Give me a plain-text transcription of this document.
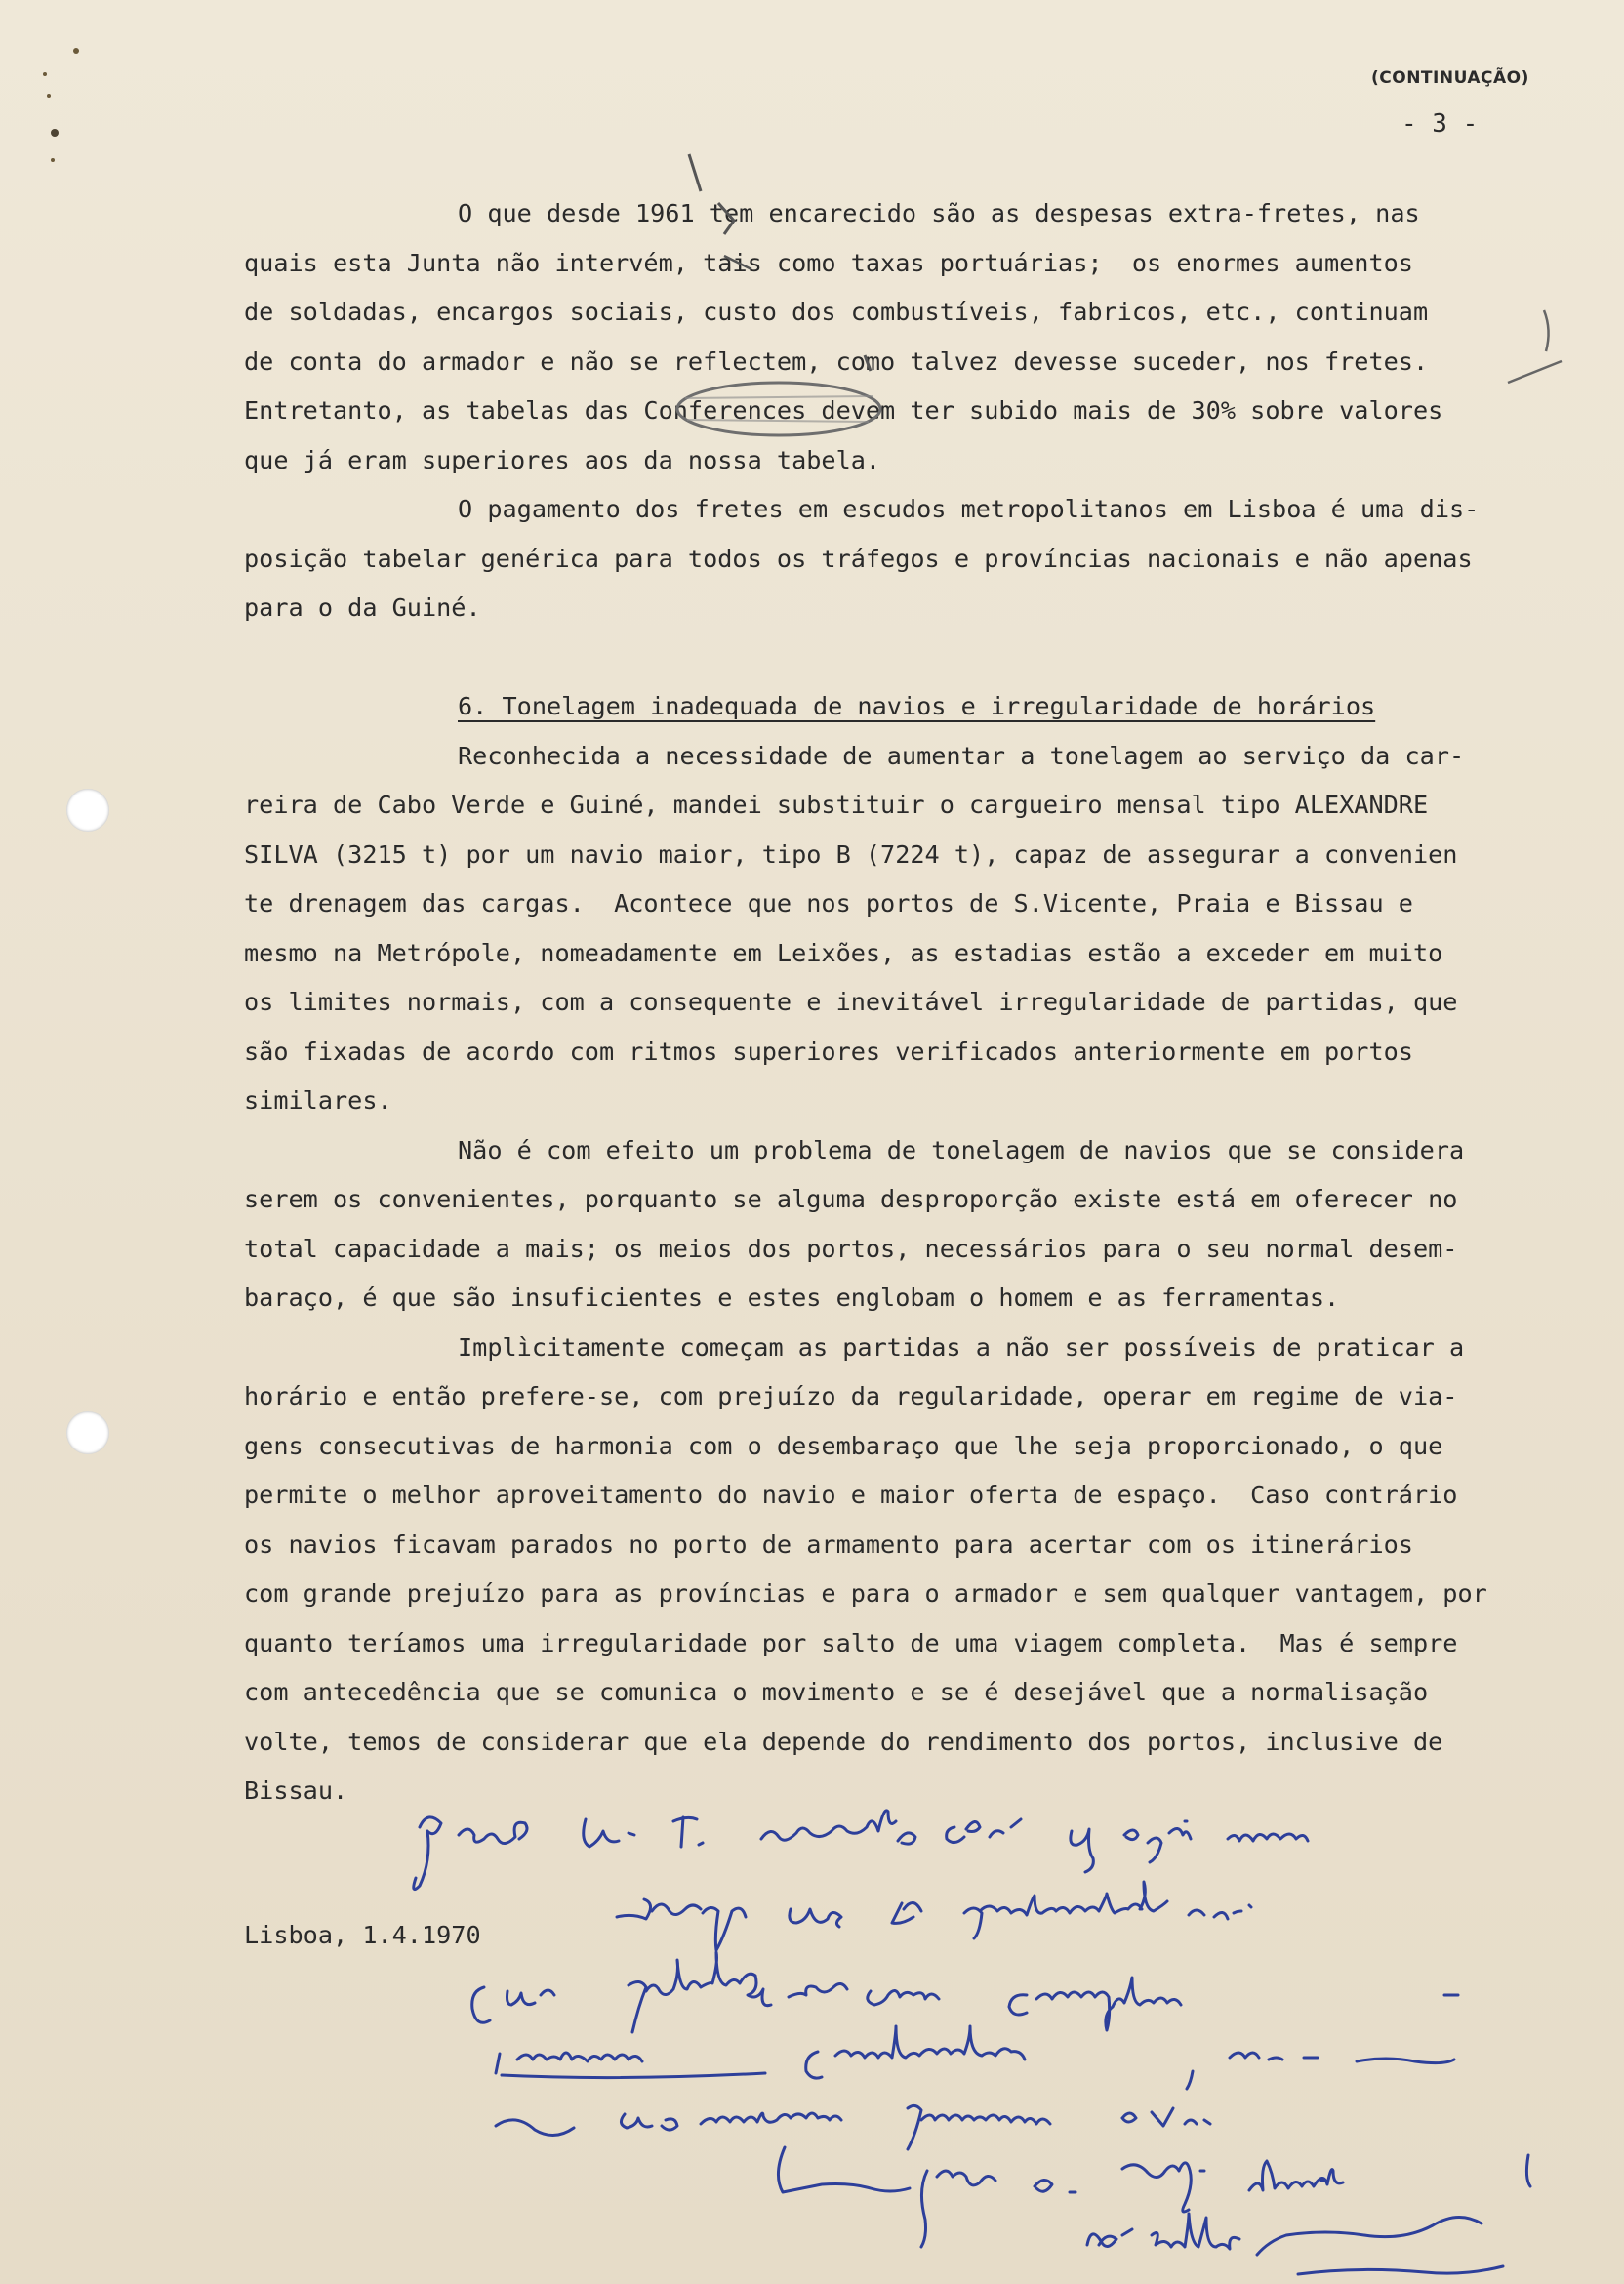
(CONTINUAÇÃO)
- 3 -
O que desde 1961 tem encarecido são as despesas extra-fretes, nas
quais esta Junta não intervém, tais como taxas portuárias;  os enormes aumentos
de soldadas, encargos sociais, custo dos combustíveis, fabricos, etc., continuam
de conta do armador e não se reflectem, como talvez devesse suceder, nos fretes.
Entretanto, as tabelas das Conferences devem ter subido mais de 30% sobre valores
que já eram superiores aos da nossa tabela.
O pagamento dos fretes em escudos metropolitanos em Lisboa é uma dis-
posição tabelar genérica para todos os tráfegos e províncias nacionais e não apenas
para o da Guiné.
6. Tonelagem inadequada de navios e irregularidade de horários
Reconhecida a necessidade de aumentar a tonelagem ao serviço da car-
reira de Cabo Verde e Guiné, mandei substituir o cargueiro mensal tipo ALEXANDRE
SILVA (3215 t) por um navio maior, tipo B (7224 t), capaz de assegurar a convenien
te drenagem das cargas.  Acontece que nos portos de S.Vicente, Praia e Bissau e
mesmo na Metrópole, nomeadamente em Leixões, as estadias estão a exceder em muito
os limites normais, com a consequente e inevitável irregularidade de partidas, que
são fixadas de acordo com ritmos superiores verificados anteriormente em portos
similares.
Não é com efeito um problema de tonelagem de navios que se considera
serem os convenientes, porquanto se alguma desproporção existe está em oferecer no
total capacidade a mais; os meios dos portos, necessários para o seu normal desem-
baraço, é que são insuficientes e estes englobam o homem e as ferramentas.
Implìcitamente começam as partidas a não ser possíveis de praticar a
horário e então prefere-se, com prejuízo da regularidade, operar em regime de via-
gens consecutivas de harmonia com o desembaraço que lhe seja proporcionado, o que
permite o melhor aproveitamento do navio e maior oferta de espaço.  Caso contrário
os navios ficavam parados no porto de armamento para acertar com os itinerários
com grande prejuízo para as províncias e para o armador e sem qualquer vantagem, por
quanto teríamos uma irregularidade por salto de uma viagem completa.  Mas é sempre
com antecedência que se comunica o movimento e se é desejável que a normalisação
volte, temos de considerar que ela depende do rendimento dos portos, inclusive de
Bissau.
Lisboa, 1.4.1970
